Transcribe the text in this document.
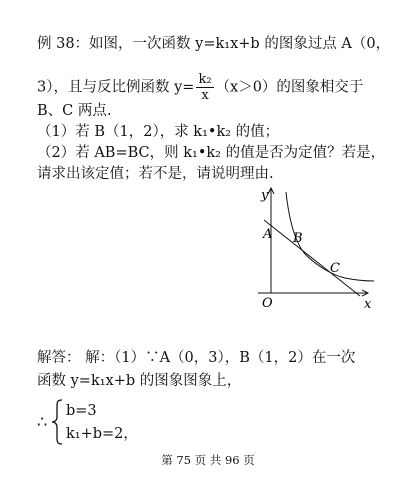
例 38：如图，一次函数 y=k₁x+b 的图象过点 A（0，
3），且与反比例函数 $y= \frac{\text{k₂}}{x} (x>0)$的图象相交于
B、C 两点.
（1）若 B（1，2），求 k₁•k₂ 的值；
（2）若 AB=BC，则 k₁•k₂ 的值是否为定值？若是，
请求出该定值；若不是，请说明理由.
y
x
O
A B
C
解答： 解：（1）∵A（0，3），B（1，2）在一次
函数 y=k₁x+b 的图象图象上，
∴
b=3
k₁+b=2，
第 75 页 共 96 页
